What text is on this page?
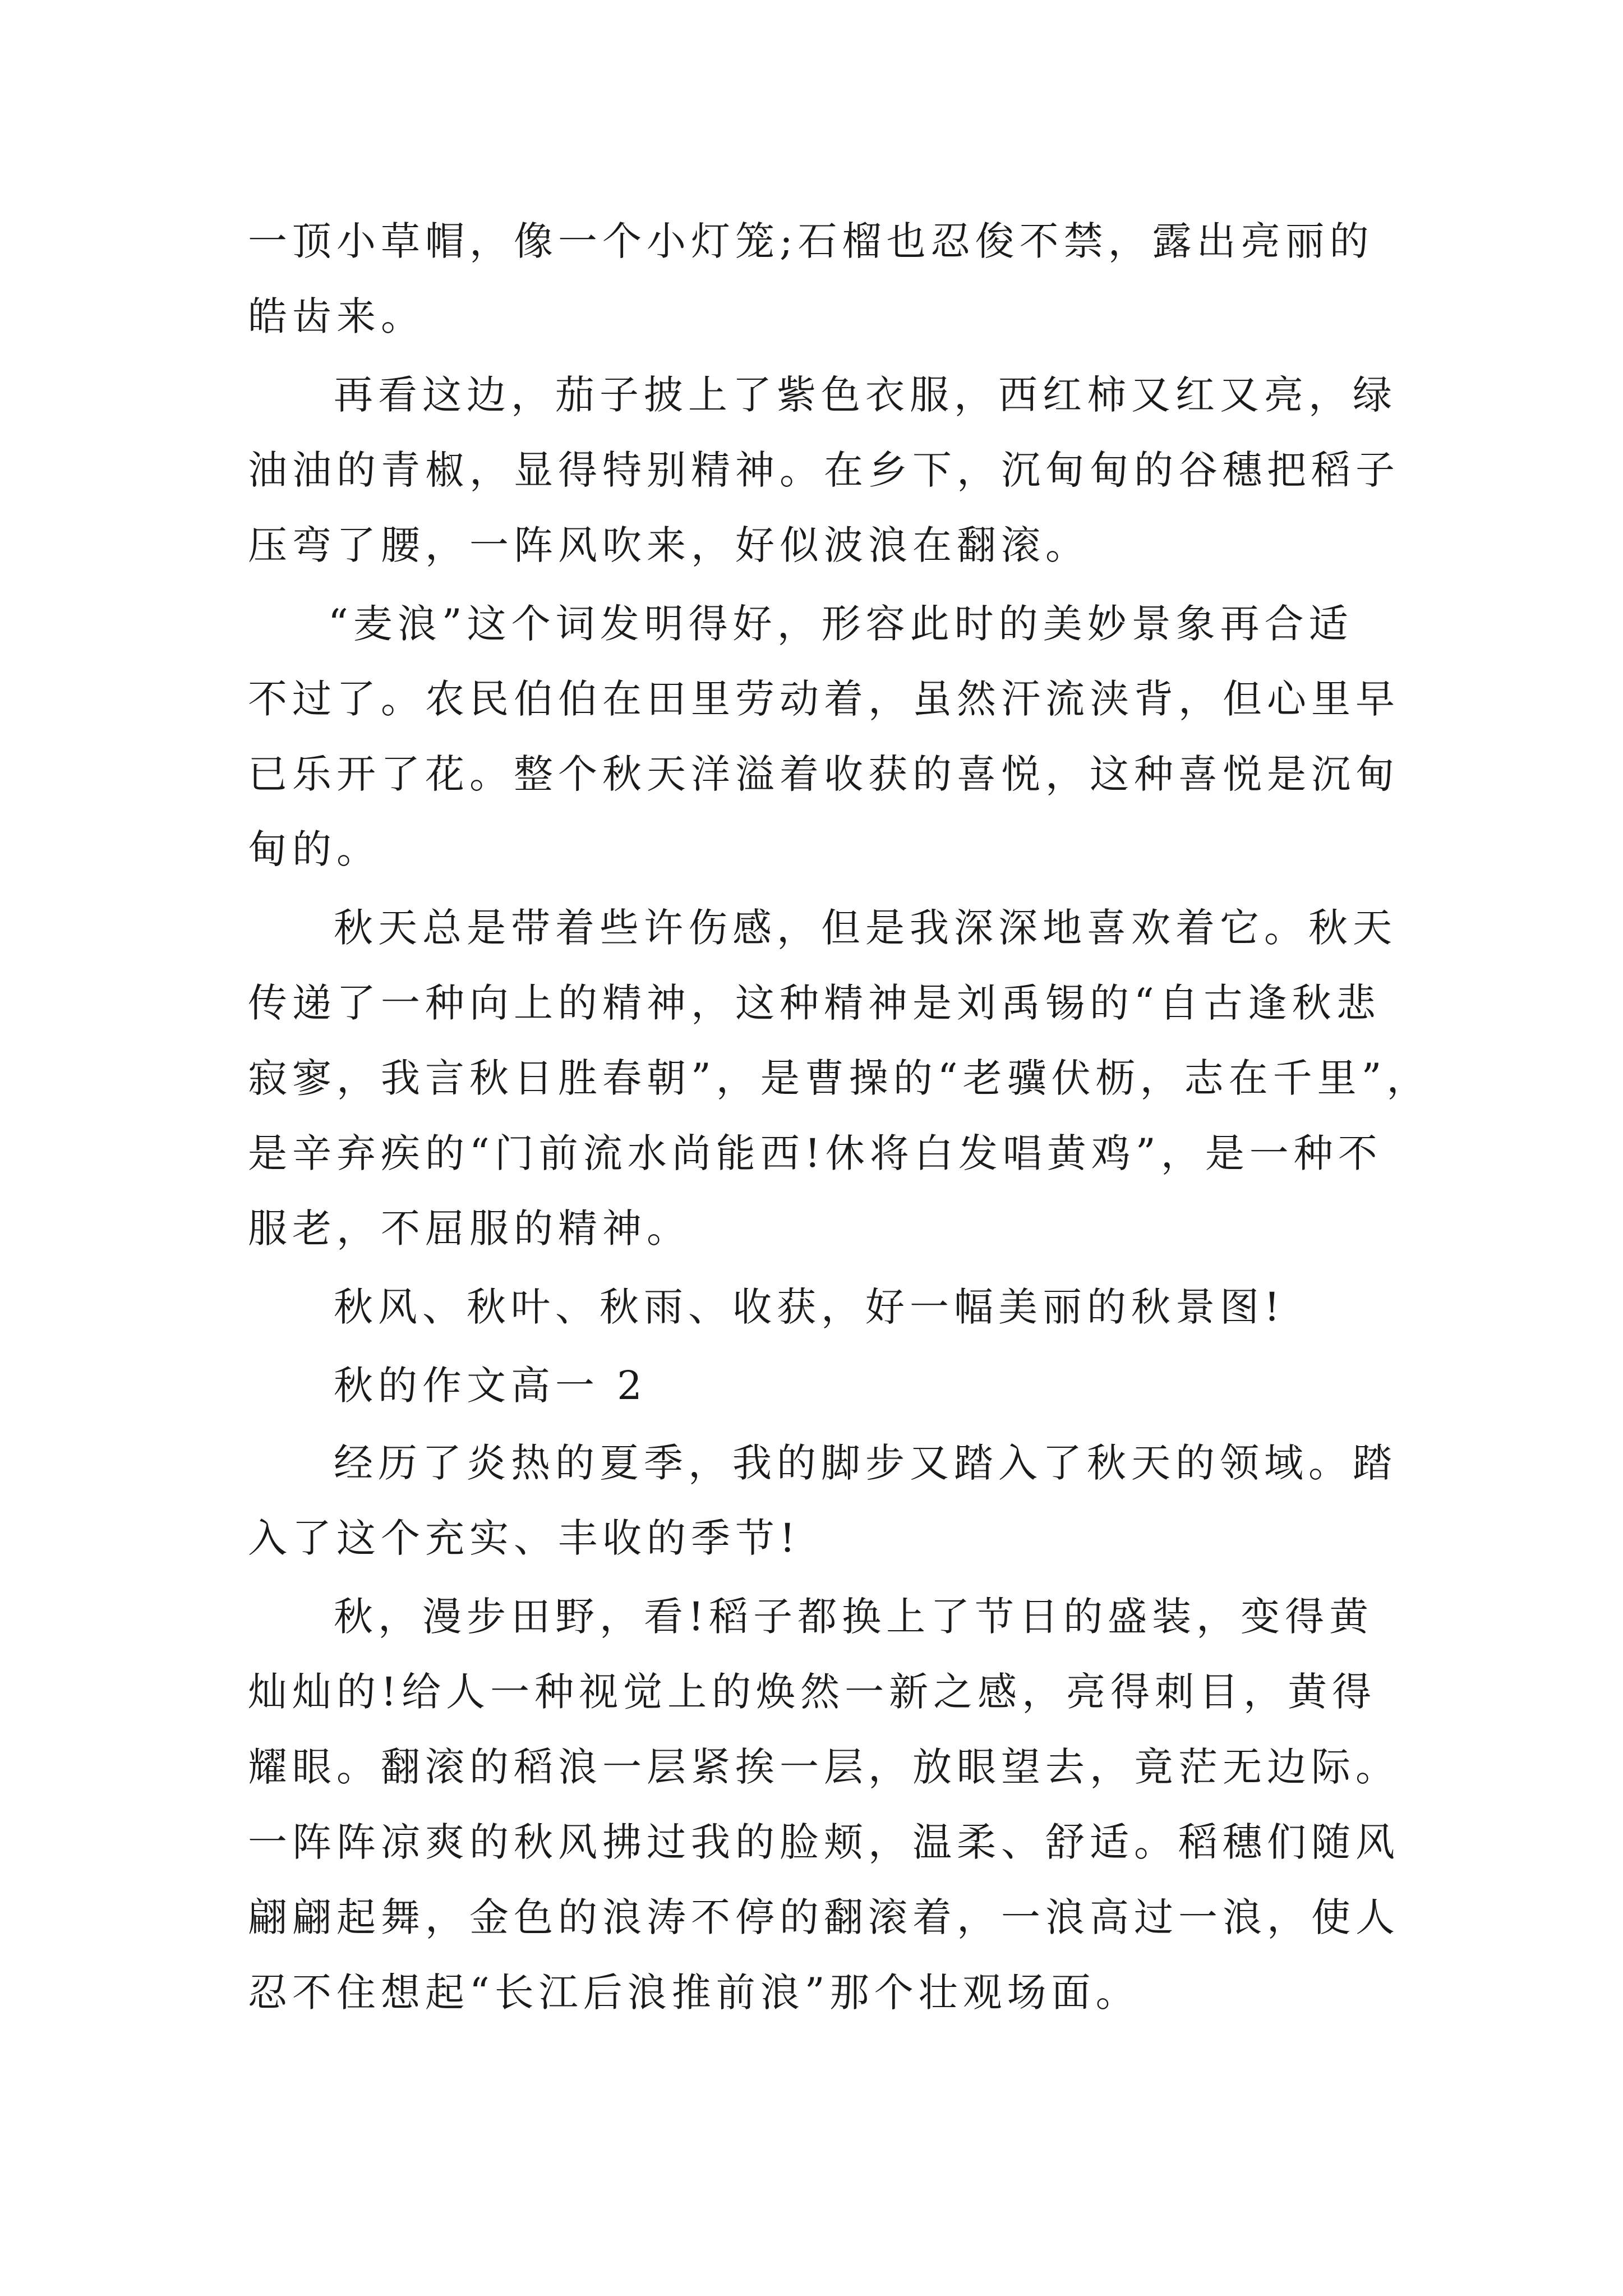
一顶小草帽，像一个小灯笼;石榴也忍俊不禁，露出亮丽的
皓齿来。
再看这边，茄子披上了紫色衣服，西红柿又红又亮，绿
油油的青椒，显得特别精神。在乡下，沉甸甸的谷穗把稻子
压弯了腰，一阵风吹来，好似波浪在翻滚。
“麦浪”这个词发明得好，形容此时的美妙景象再合适
不过了。农民伯伯在田里劳动着，虽然汗流浃背，但心里早
已乐开了花。整个秋天洋溢着收获的喜悦，这种喜悦是沉甸
甸的。
秋天总是带着些许伤感，但是我深深地喜欢着它。秋天
传递了一种向上的精神，这种精神是刘禹锡的“自古逢秋悲
寂寥，我言秋日胜春朝”，是曹操的“老骥伏枥，志在千里”，
是辛弃疾的“门前流水尚能西!休将白发唱黄鸡”，是一种不
服老，不屈服的精神。
秋风、秋叶、秋雨、收获，好一幅美丽的秋景图!
秋的作文高一 2
经历了炎热的夏季，我的脚步又踏入了秋天的领域。踏
入了这个充实、丰收的季节!
秋，漫步田野，看!稻子都换上了节日的盛装，变得黄
灿灿的!给人一种视觉上的焕然一新之感，亮得刺目，黄得
耀眼。翻滚的稻浪一层紧挨一层，放眼望去，竟茫无边际。
一阵阵凉爽的秋风拂过我的脸颊，温柔、舒适。稻穗们随风
翩翩起舞，金色的浪涛不停的翻滚着，一浪高过一浪，使人
忍不住想起“长江后浪推前浪”那个壮观场面。
